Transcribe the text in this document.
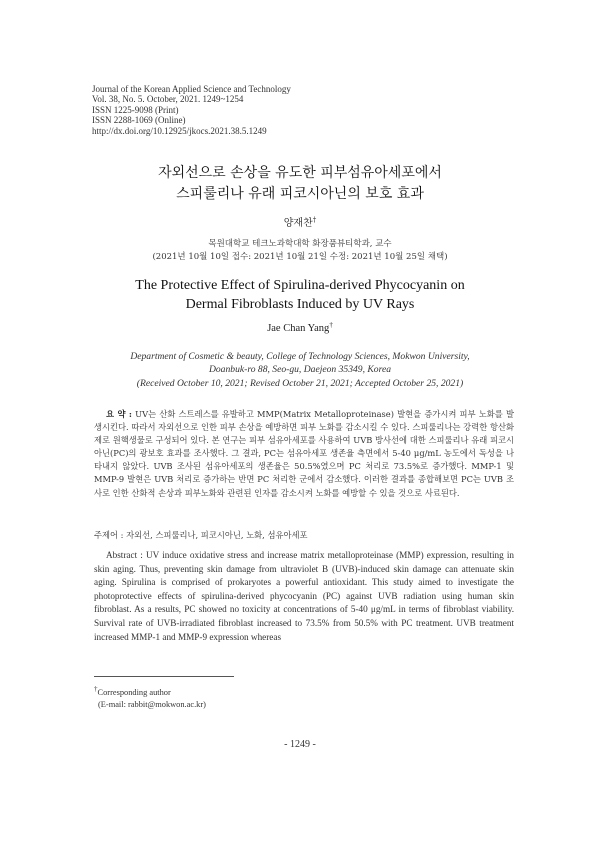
Journal of the Korean Applied Science and Technology
Vol. 38, No. 5. October, 2021. 1249~1254
ISSN 1225-9098 (Print)
ISSN 2288-1069 (Online)
http://dx.doi.org/10.12925/jkocs.2021.38.5.1249
자외선으로 손상을 유도한 피부섬유아세포에서
스피룰리나 유래 피코시아닌의 보호 효과
양재찬†
목원대학교 테크노과학대학 화장품뷰티학과, 교수
(2021년 10월 10일 접수: 2021년 10월 21일 수정: 2021년 10월 25일 채택)
The Protective Effect of Spirulina-derived Phycocyanin on
Dermal Fibroblasts Induced by UV Rays
Jae Chan Yang†
Department of Cosmetic & beauty, College of Technology Sciences, Mokwon University,
Doanbuk-ro 88, Seo-gu, Daejeon 35349, Korea
(Received October 10, 2021; Revised October 21, 2021; Accepted October 25, 2021)
요 약 : UV는 산화 스트레스를 유발하고 MMP(Matrix Metalloproteinase) 발현을 증가시켜 피부 노화를 발생시킨다. 따라서 자외선으로 인한 피부 손상을 예방하면 피부 노화를 감소시킬 수 있다. 스피룰리나는 강력한 항산화제로 원핵생물로 구성되어 있다. 본 연구는 피부 섬유아세포를 사용하여 UVB 방사선에 대한 스피룰리나 유래 피코시아닌(PC)의 광보호 효과를 조사했다. 그 결과, PC는 섬유아세포 생존율 측면에서 5-40 μg/mL 농도에서 독성을 나타내지 않았다. UVB 조사된 섬유아세포의 생존율은 50.5%였으며 PC 처리로 73.5%로 증가했다. MMP-1 및 MMP-9 발현은 UVB 처리로 증가하는 반면 PC 처리한 군에서 감소했다. 이러한 결과를 종합해보면 PC는 UVB 조사로 인한 산화적 손상과 피부노화와 관련된 인자를 감소시켜 노화를 예방할 수 있을 것으로 사료된다.
주제어 : 자외선, 스피룰리나, 피코시아닌, 노화, 섬유아세포
Abstract : UV induce oxidative stress and increase matrix metalloproteinase (MMP) expression, resulting in skin aging. Thus, preventing skin damage from ultraviolet B (UVB)-induced skin damage can attenuate skin aging. Spirulina is comprised of prokaryotes a powerful antioxidant. This study aimed to investigate the photoprotective effects of spirulina-derived phycocyanin (PC) against UVB radiation using human skin fibroblast. As a results, PC showed no toxicity at concentrations of 5-40 μg/mL in terms of fibroblast viability. Survival rate of UVB-irradiated fibroblast increased to 73.5% from 50.5% with PC treatment. UVB treatment increased MMP-1 and MMP-9 expression whereas
†Corresponding author
(E-mail: rabbit@mokwon.ac.kr)
- 1249 -
